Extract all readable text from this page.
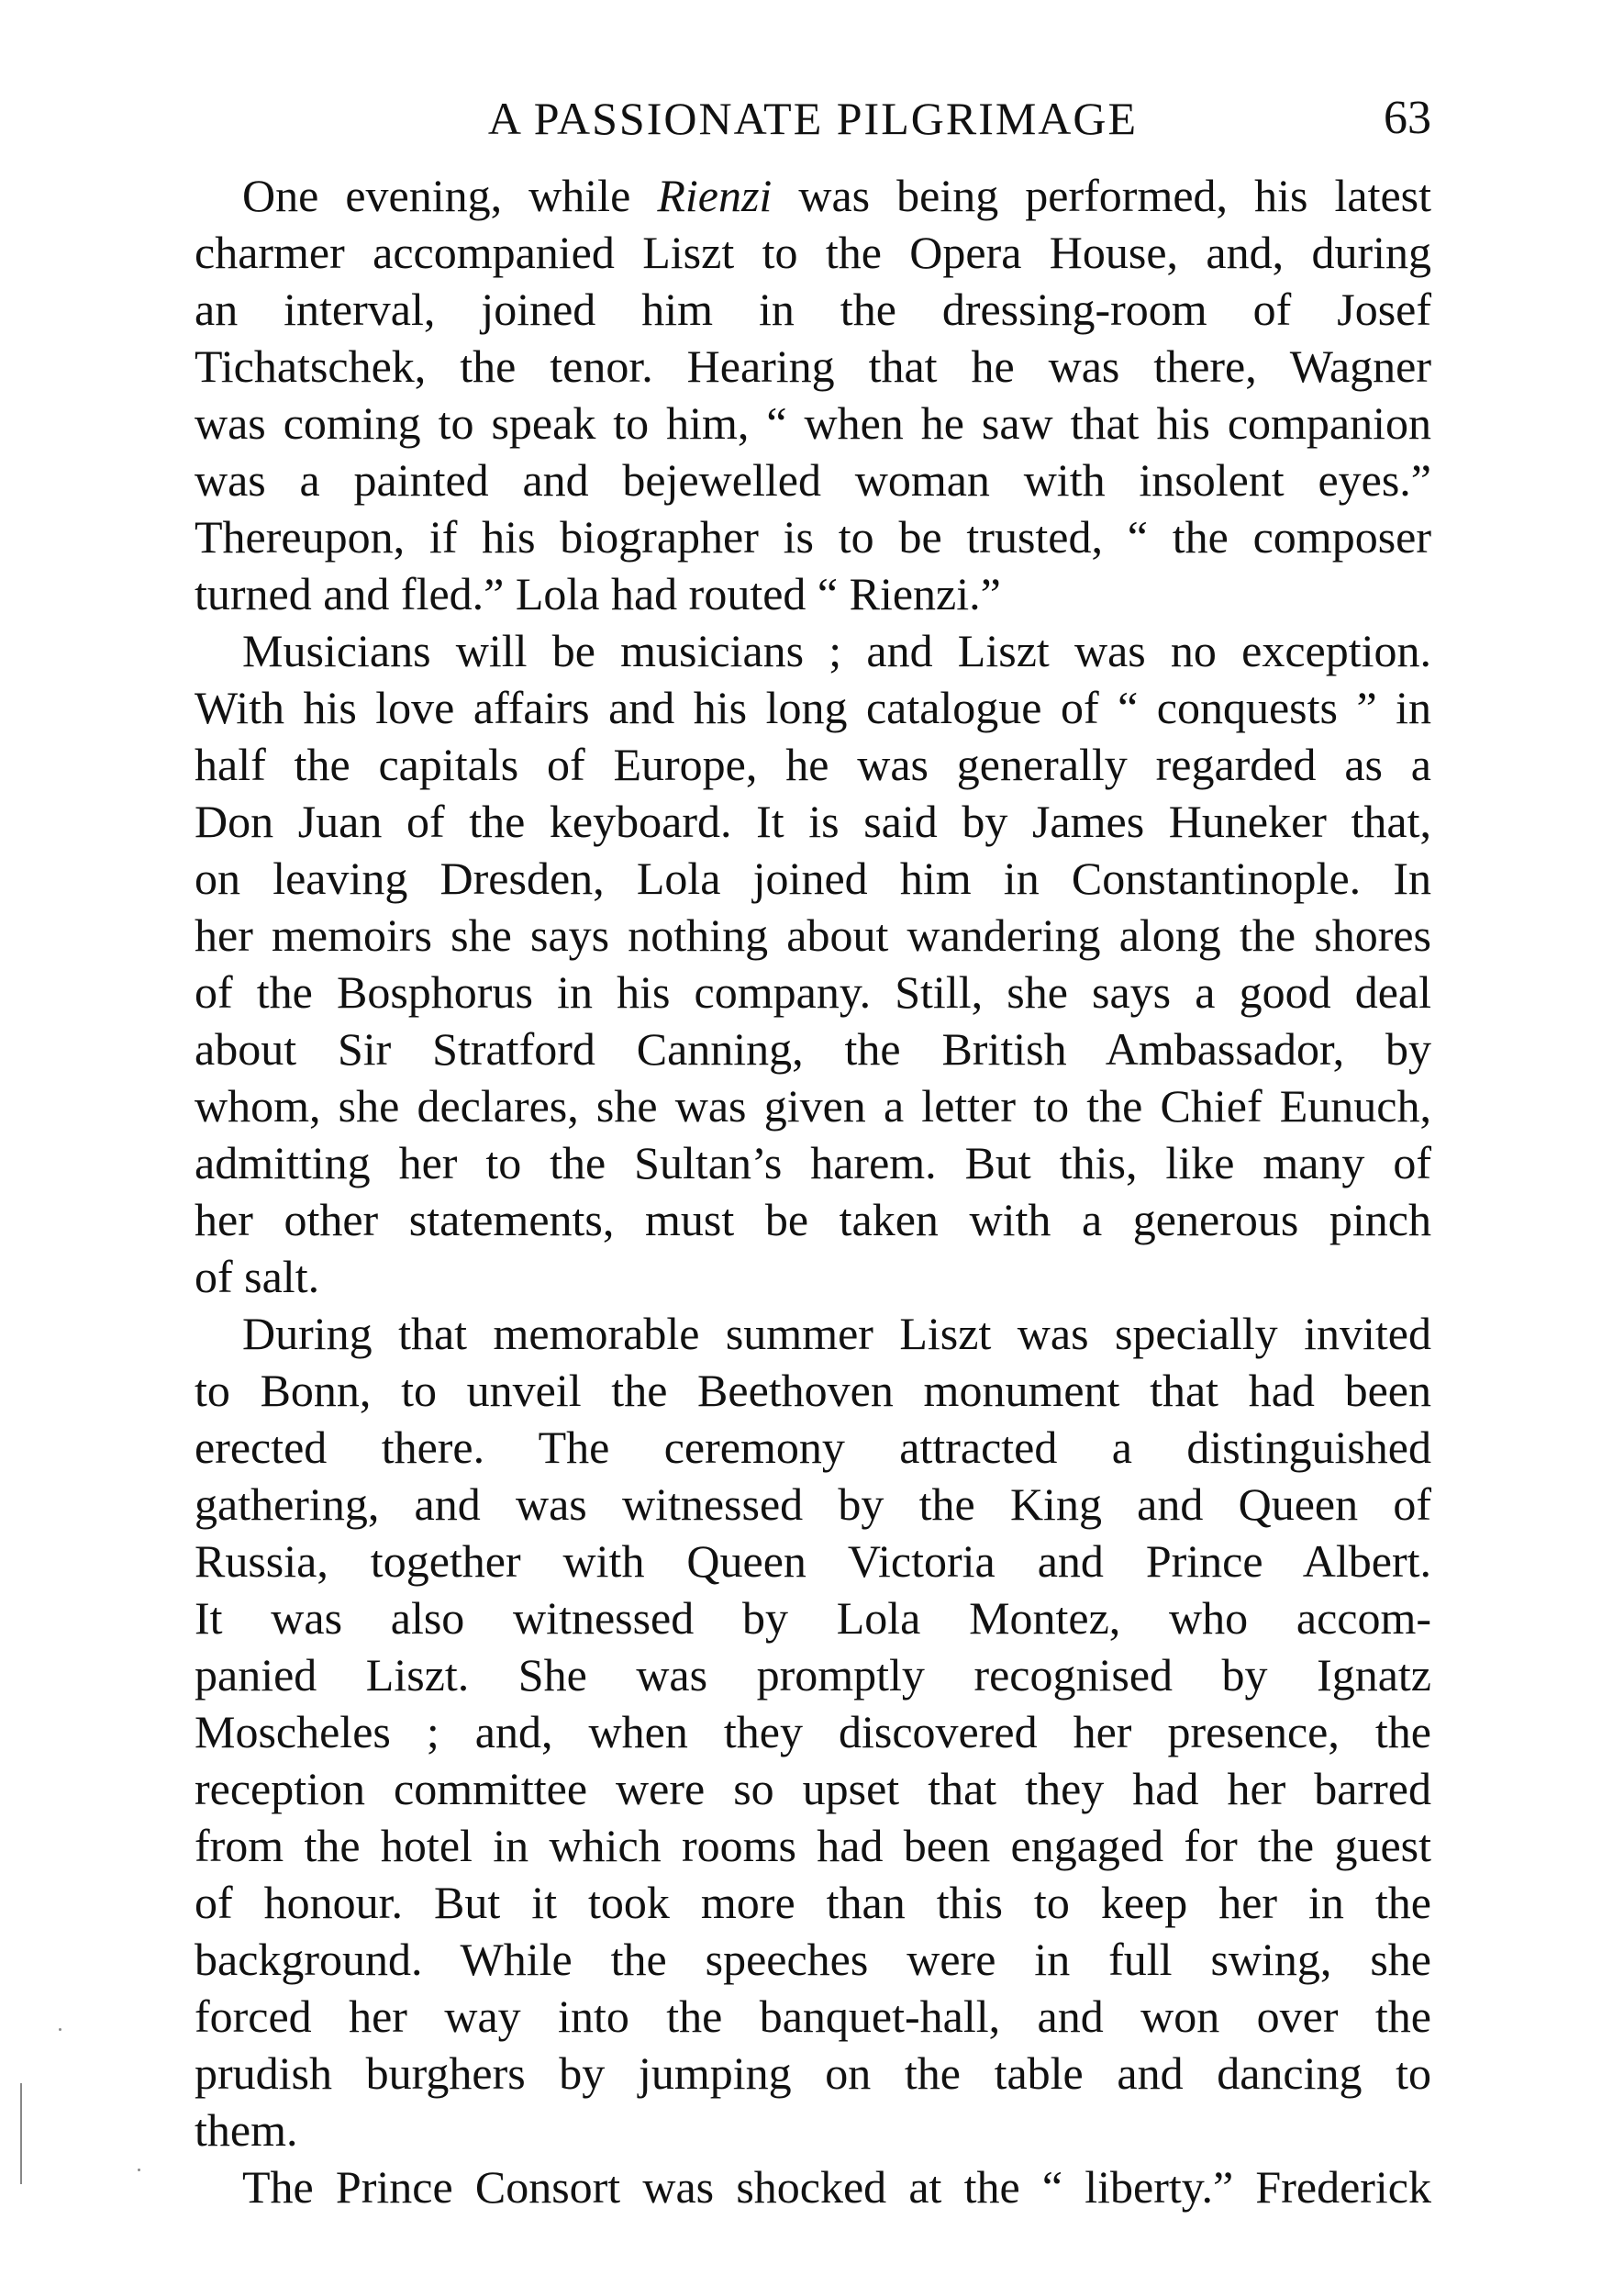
A PASSIONATE PILGRIMAGE	63
One evening, while Rienzi was being performed, his latest
charmer accompanied Liszt to the Opera House, and, during
an interval, joined him in the dressing-room of Josef
Tichatschek, the tenor. Hearing that he was there, Wagner
was coming to speak to him, “ when he saw that his companion
was a painted and bejewelled woman with insolent eyes.”
Thereupon, if his biographer is to be trusted, “ the composer
turned and fled.” Lola had routed “ Rienzi.”
Musicians will be musicians ; and Liszt was no exception.
With his love affairs and his long catalogue of “ conquests ” in
half the capitals of Europe, he was generally regarded as a
Don Juan of the keyboard. It is said by James Huneker that,
on leaving Dresden, Lola joined him in Constantinople. In
her memoirs she says nothing about wandering along the shores
of the Bosphorus in his company. Still, she says a good deal
about Sir Stratford Canning, the British Ambassador, by
whom, she declares, she was given a letter to the Chief Eunuch,
admitting her to the Sultan’s harem. But this, like many of
her other statements, must be taken with a generous pinch
of salt.
During that memorable summer Liszt was specially invited
to Bonn, to unveil the Beethoven monument that had been
erected there. The ceremony attracted a distinguished
gathering, and was witnessed by the King and Queen of
Russia, together with Queen Victoria and Prince Albert.
It was also witnessed by Lola Montez, who accom-
panied Liszt. She was promptly recognised by Ignatz
Moscheles ; and, when they discovered her presence, the
reception committee were so upset that they had her barred
from the hotel in which rooms had been engaged for the guest
of honour. But it took more than this to keep her in the
background. While the speeches were in full swing, she
forced her way into the banquet-hall, and won over the
prudish burghers by jumping on the table and dancing to
them.
The Prince Consort was shocked at the “ liberty.” Frederick
